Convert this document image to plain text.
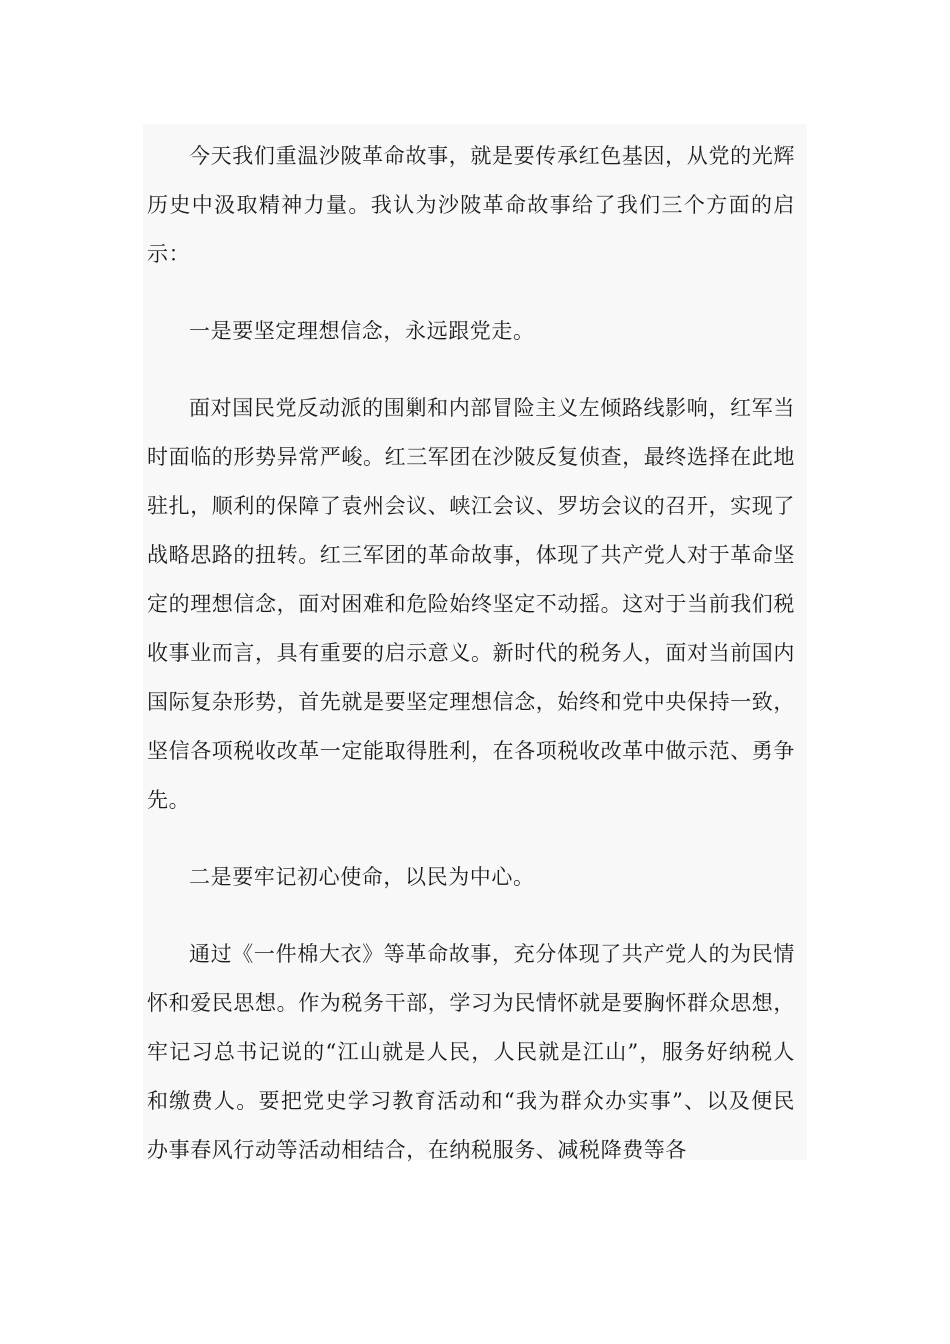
今天我们重温沙陂革命故事，就是要传承红色基因，从党的光辉历史中汲取精神力量。我认为沙陂革命故事给了我们三个方面的启示：

一是要坚定理想信念，永远跟党走。

面对国民党反动派的围剿和内部冒险主义左倾路线影响，红军当时面临的形势异常严峻。红三军团在沙陂反复侦查，最终选择在此地驻扎，顺利的保障了袁州会议、峡江会议、罗坊会议的召开，实现了战略思路的扭转。红三军团的革命故事，体现了共产党人对于革命坚定的理想信念，面对困难和危险始终坚定不动摇。这对于当前我们税收事业而言，具有重要的启示意义。新时代的税务人，面对当前国内国际复杂形势，首先就是要坚定理想信念，始终和党中央保持一致，坚信各项税收改革一定能取得胜利，在各项税收改革中做示范、勇争先。

二是要牢记初心使命，以民为中心。

通过《一件棉大衣》等革命故事，充分体现了共产党人的为民情怀和爱民思想。作为税务干部，学习为民情怀就是要胸怀群众思想，牢记习总书记说的“江山就是人民，人民就是江山”，服务好纳税人和缴费人。要把党史学习教育活动和“我为群众办实事”、以及便民办事春风行动等活动相结合，在纳税服务、减税降费等各
